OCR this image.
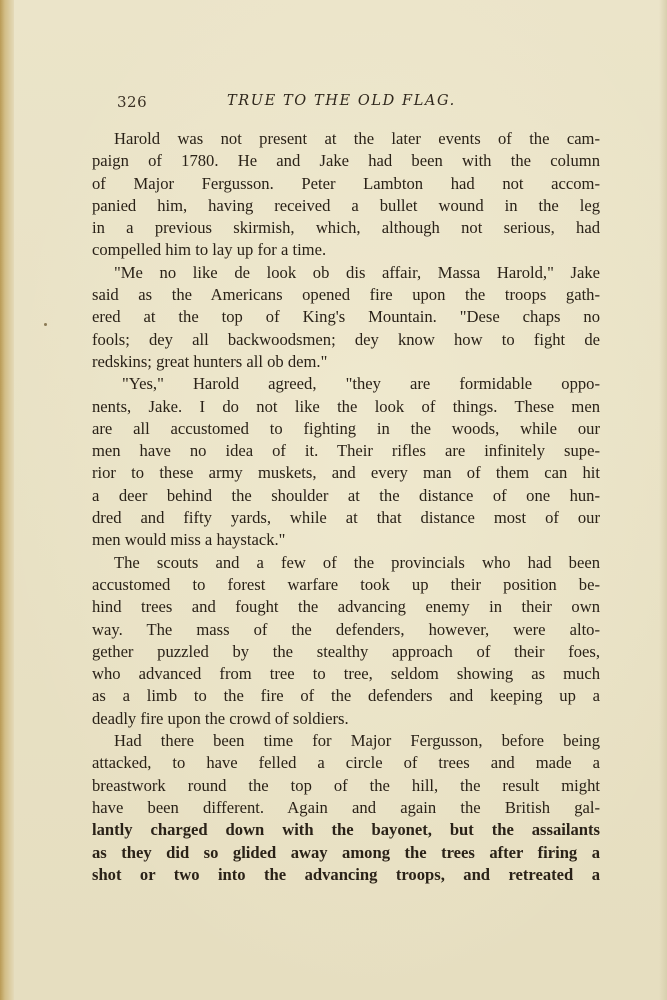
326	TRUE TO THE OLD FLAG.
Harold was not present at the later events of the cam-
paign of 1780. He and Jake had been with the column
of Major Fergusson. Peter Lambton had not accom-
panied him, having received a bullet wound in the leg
in a previous skirmish, which, although not serious, had
compelled him to lay up for a time.
"Me no like de look ob dis affair, Massa Harold," Jake
said as the Americans opened fire upon the troops gath-
ered at the top of King's Mountain. "Dese chaps no
fools; dey all backwoodsmen; dey know how to fight de
redskins; great hunters all ob dem."
"Yes," Harold agreed, "they are formidable oppo-
nents, Jake. I do not like the look of things. These men
are all accustomed to fighting in the woods, while our
men have no idea of it. Their rifles are infinitely supe-
rior to these army muskets, and every man of them can hit
a deer behind the shoulder at the distance of one hun-
dred and fifty yards, while at that distance most of our
men would miss a haystack."
The scouts and a few of the provincials who had been
accustomed to forest warfare took up their position be-
hind trees and fought the advancing enemy in their own
way. The mass of the defenders, however, were alto-
gether puzzled by the stealthy approach of their foes,
who advanced from tree to tree, seldom showing as much
as a limb to the fire of the defenders and keeping up a
deadly fire upon the crowd of soldiers.
Had there been time for Major Fergusson, before being
attacked, to have felled a circle of trees and made a
breastwork round the top of the hill, the result might
have been different. Again and again the British gal-
lantly charged down with the bayonet, but the assailants
as they did so glided away among the trees after firing a
shot or two into the advancing troops, and retreated a
